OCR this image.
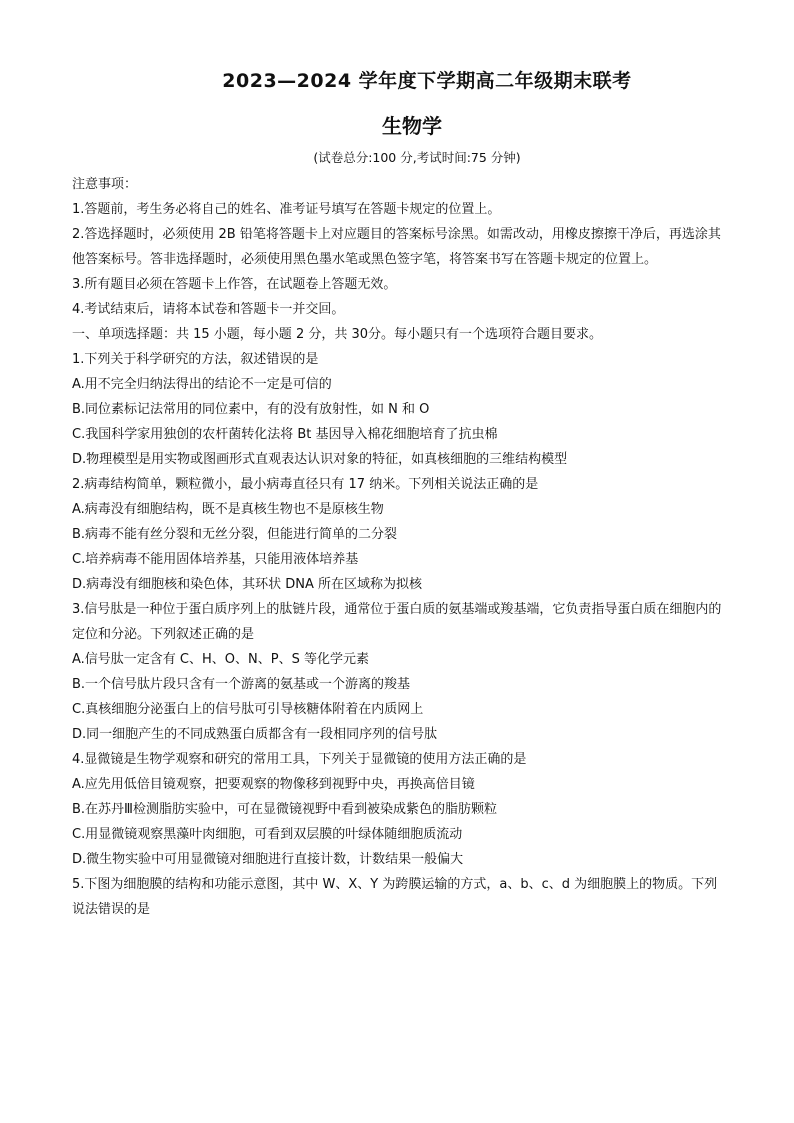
2023—2024 学年度下学期高二年级期末联考
生物学
(试卷总分:100 分,考试时间:75 分钟)
注意事项：
1.答题前，考生务必将自己的姓名、准考证号填写在答题卡规定的位置上。
2.答选择题时，必须使用 2B 铅笔将答题卡上对应题目的答案标号涂黑。如需改动，用橡皮擦擦干净后，再选涂其他答案标号。答非选择题时，必须使用黑色墨水笔或黑色签字笔，将答案书写在答题卡规定的位置上。
3.所有题目必须在答题卡上作答，在试题卷上答题无效。
4.考试结束后，请将本试卷和答题卡一并交回。
一、单项选择题：共 15 小题，每小题 2 分，共 30分。每小题只有一个选项符合题目要求。
1.下列关于科学研究的方法，叙述错误的是
A.用不完全归纳法得出的结论不一定是可信的
B.同位素标记法常用的同位素中，有的没有放射性，如 N 和 O
C.我国科学家用独创的农杆菌转化法将 Bt 基因导入棉花细胞培育了抗虫棉
D.物理模型是用实物或图画形式直观表达认识对象的特征，如真核细胞的三维结构模型
2.病毒结构简单，颗粒微小，最小病毒直径只有 17 纳米。下列相关说法正确的是
A.病毒没有细胞结构，既不是真核生物也不是原核生物
B.病毒不能有丝分裂和无丝分裂，但能进行简单的二分裂
C.培养病毒不能用固体培养基，只能用液体培养基
D.病毒没有细胞核和染色体，其环状 DNA 所在区域称为拟核
3.信号肽是一种位于蛋白质序列上的肽链片段，通常位于蛋白质的氨基端或羧基端，它负责指导蛋白质在细胞内的定位和分泌。下列叙述正确的是
A.信号肽一定含有 C、H、O、N、P、S 等化学元素
B.一个信号肽片段只含有一个游离的氨基或一个游离的羧基
C.真核细胞分泌蛋白上的信号肽可引导核糖体附着在内质网上
D.同一细胞产生的不同成熟蛋白质都含有一段相同序列的信号肽
4.显微镜是生物学观察和研究的常用工具，下列关于显微镜的使用方法正确的是
A.应先用低倍目镜观察，把要观察的物像移到视野中央，再换高倍目镜
B.在苏丹Ⅲ检测脂肪实验中，可在显微镜视野中看到被染成紫色的脂肪颗粒
C.用显微镜观察黑藻叶肉细胞，可看到双层膜的叶绿体随细胞质流动
D.微生物实验中可用显微镜对细胞进行直接计数，计数结果一般偏大
5.下图为细胞膜的结构和功能示意图，其中 W、X、Y 为跨膜运输的方式，a、b、c、d 为细胞膜上的物质。下列说法错误的是
